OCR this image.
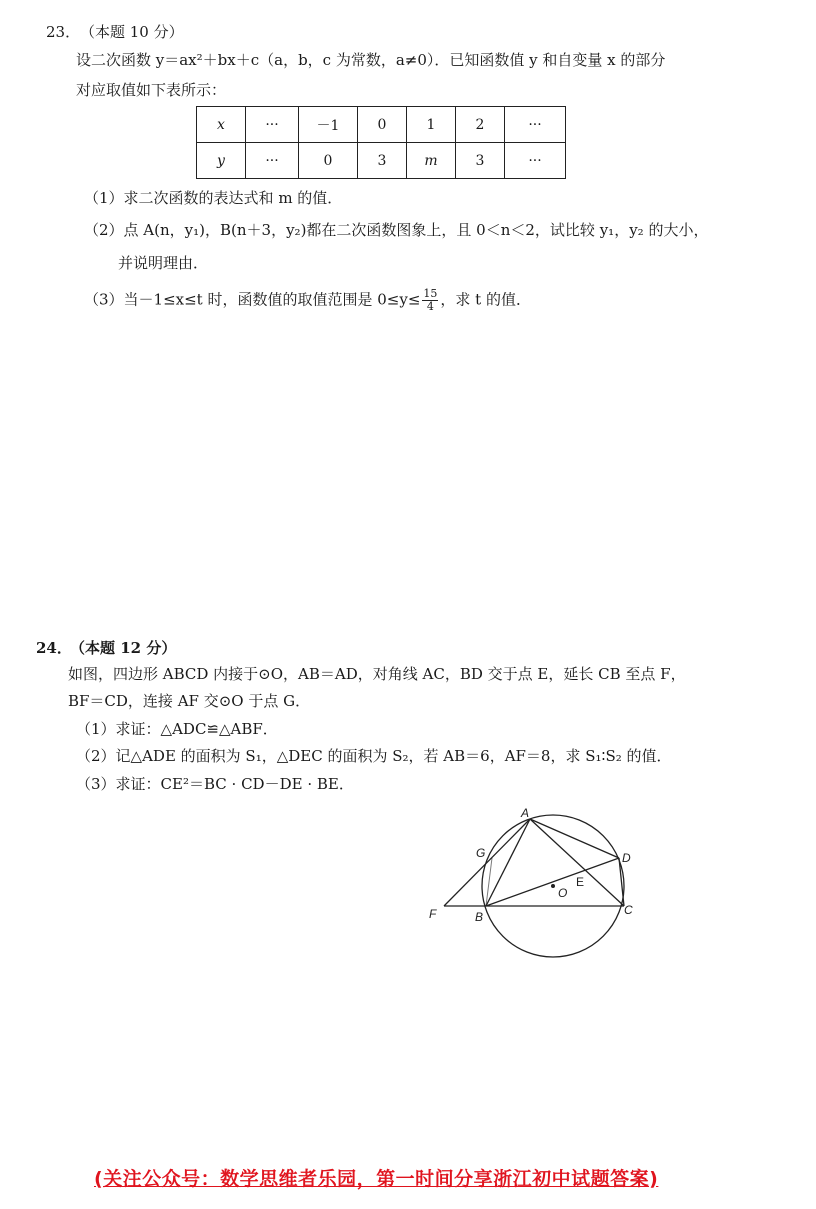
23． （本题 10 分）
设二次函数 y＝ax²＋bx＋c（a，b，c 为常数，a≠0）．已知函数值 y 和自变量 x 的部分
对应取值如下表所示：
x	···	－1	0	1	2	···
y	···	0	3	m	3	···
（1）求二次函数的表达式和 m 的值．
（2）点 A(n，y₁)，B(n＋3，y₂)都在二次函数图象上，且 0＜n＜2，试比较 y₁，y₂ 的大小，
并说明理由．
（3）当－1≤x≤t 时，函数值的取值范围是 $0\le y\le \frac{15}{4}$ ，求 t 的值．
24．
（本题 12 分）
如图，四边形 ABCD 内接于⊙O，AB＝AD，对角线 AC，BD 交于点 E，延长 CB 至点 F，
BF＝CD，连接 AF 交⊙O 于点 G．
（1）求证：△ADC≌△ABF．
（2）记△ADE 的面积为 S₁，△DEC 的面积为 S₂，若 AB＝6，AF＝8，求 S₁∶S₂ 的值．
（3）求证：CE²＝BC · CD－DE · BE．
A
G	D
O
E
F	B	C
(关注公众号：数学思维者乐园，第一时间分享浙江初中试题答案)
